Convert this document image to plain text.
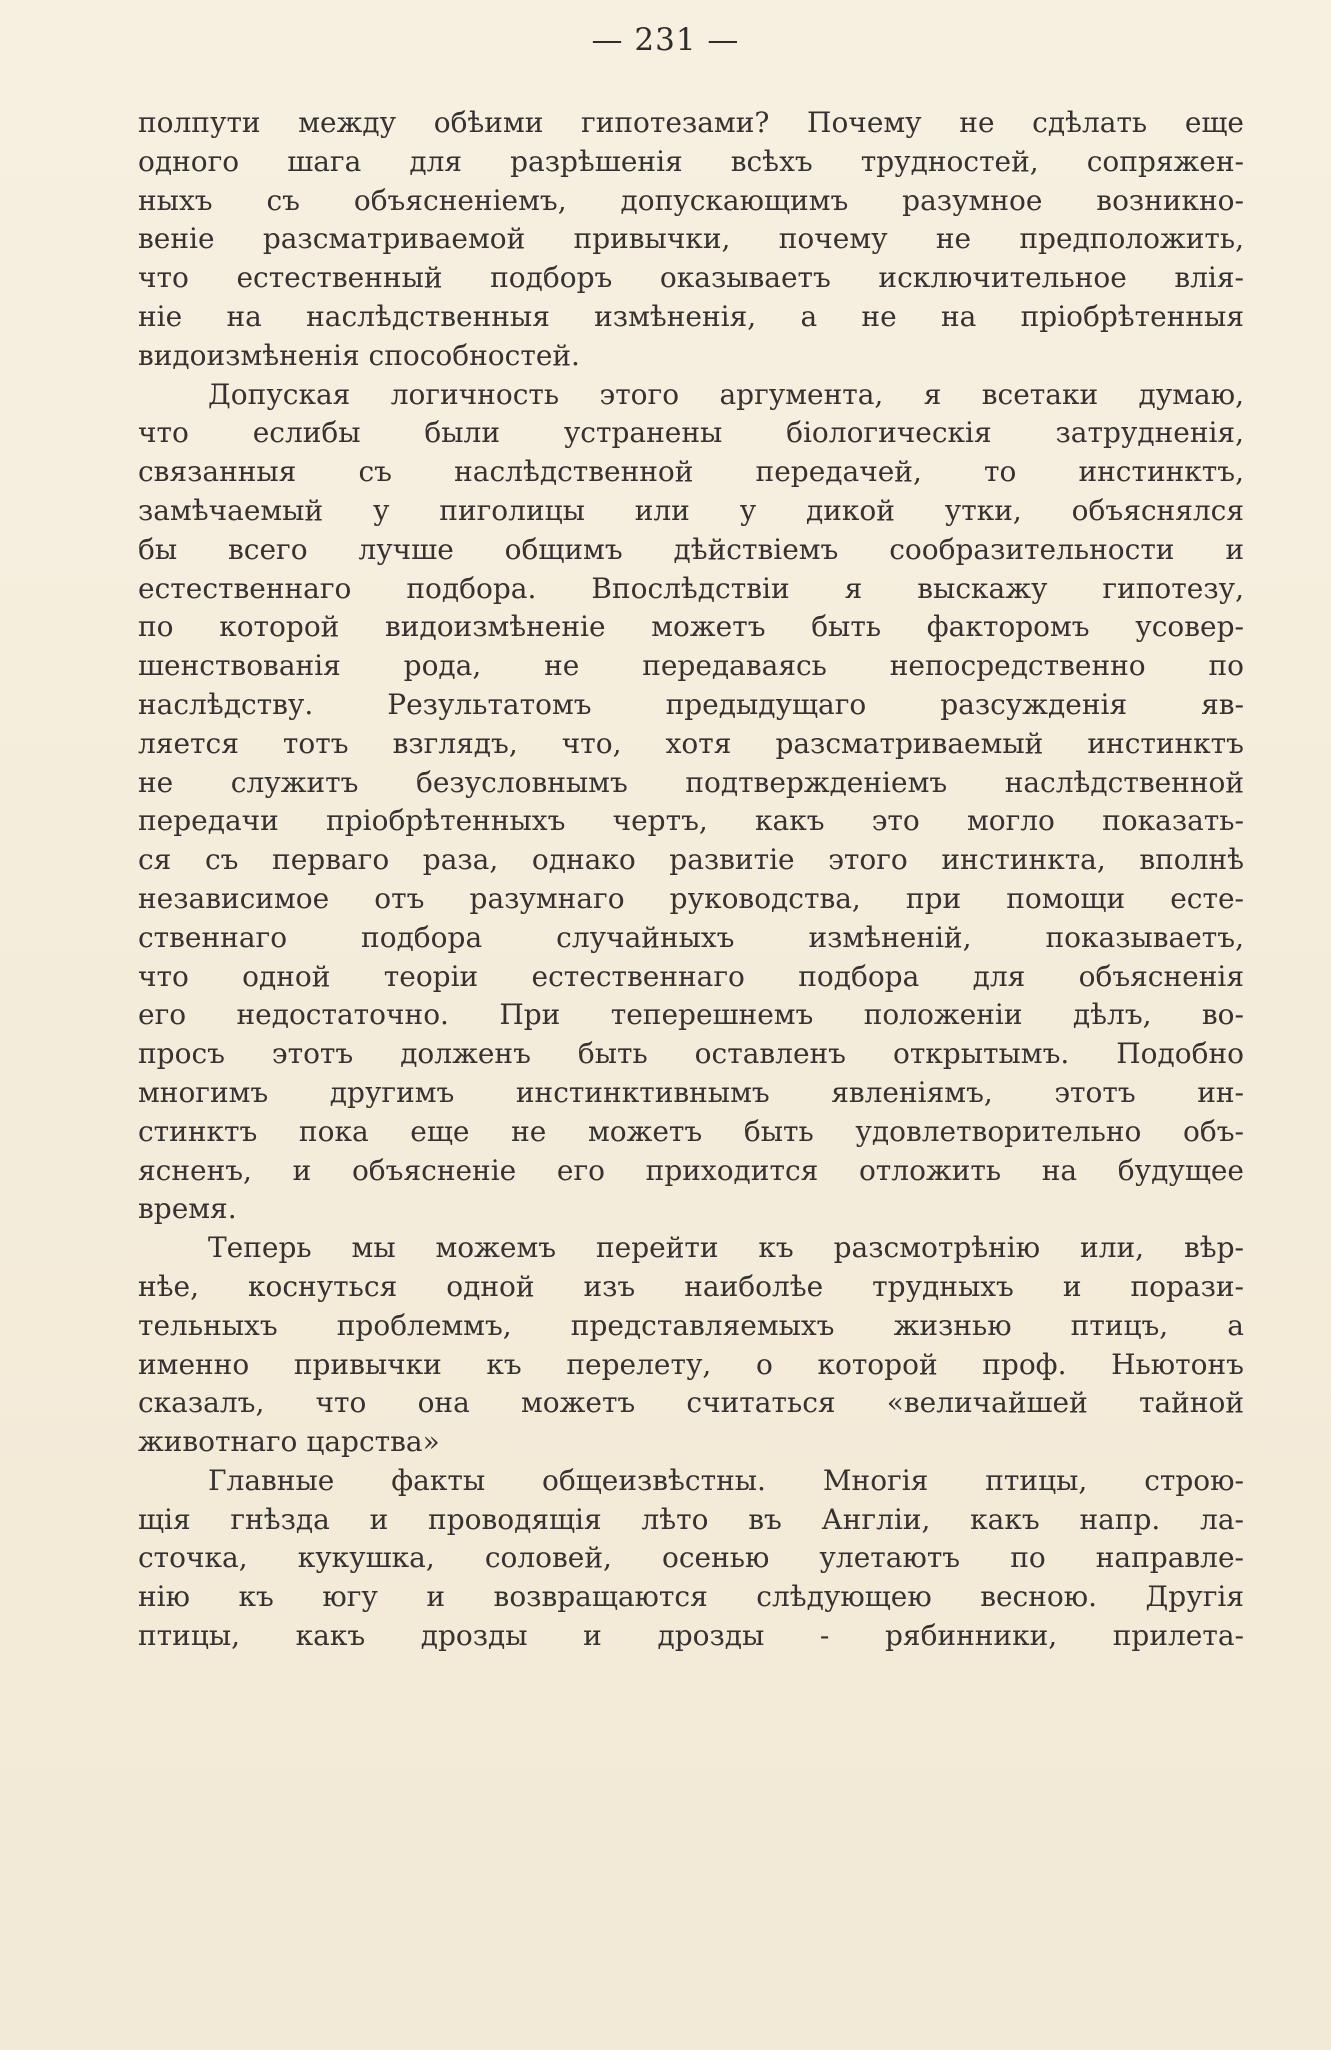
— 231 —
полпути между обѣими гипотезами? Почему не сдѣлать еще
одного шага для разрѣшенія всѣхъ трудностей, сопряжен-
ныхъ съ объясненіемъ, допускающимъ разумное возникно-
веніе разсматриваемой привычки, почему не предположить,
что естественный подборъ оказываетъ исключительное влія-
ніе на наслѣдственныя измѣненія, а не на пріобрѣтенныя
видоизмѣненія способностей.
Допуская логичность этого аргумента, я всетаки думаю,
что еслибы были устранены біологическія затрудненія,
связанныя съ наслѣдственной передачей, то инстинктъ,
замѣчаемый у пиголицы или у дикой утки, объяснялся
бы всего лучше общимъ дѣйствіемъ сообразительности и
естественнаго подбора. Впослѣдствіи я выскажу гипотезу,
по которой видоизмѣненіе можетъ быть факторомъ усовер-
шенствованія рода, не передаваясь непосредственно по
наслѣдству. Результатомъ предыдущаго разсужденія яв-
ляется тотъ взглядъ, что, хотя разсматриваемый инстинктъ
не служитъ безусловнымъ подтвержденіемъ наслѣдственной
передачи пріобрѣтенныхъ чертъ, какъ это могло показать-
ся съ перваго раза, однако развитіе этого инстинкта, вполнѣ
независимое отъ разумнаго руководства, при помощи есте-
ственнаго подбора случайныхъ измѣненій, показываетъ,
что одной теоріи естественнаго подбора для объясненія
его недостаточно. При теперешнемъ положеніи дѣлъ, во-
просъ этотъ долженъ быть оставленъ открытымъ. Подобно
многимъ другимъ инстинктивнымъ явленіямъ, этотъ ин-
стинктъ пока еще не можетъ быть удовлетворительно объ-
ясненъ, и объясненіе его приходится отложить на будущее
время.
Теперь мы можемъ перейти къ разсмотрѣнію или, вѣр-
нѣе, коснуться одной изъ наиболѣе трудныхъ и порази-
тельныхъ проблеммъ, представляемыхъ жизнью птицъ, а
именно привычки къ перелету, о которой проф. Ньютонъ
сказалъ, что она можетъ считаться «величайшей тайной
животнаго царства»
Главные факты общеизвѣстны. Многія птицы, строю-
щія гнѣзда и проводящія лѣто въ Англіи, какъ напр. ла-
сточка, кукушка, соловей, осенью улетаютъ по направле-
нію къ югу и возвращаются слѣдующею весною. Другія
птицы, какъ дрозды и дрозды - рябинники, прилета-
